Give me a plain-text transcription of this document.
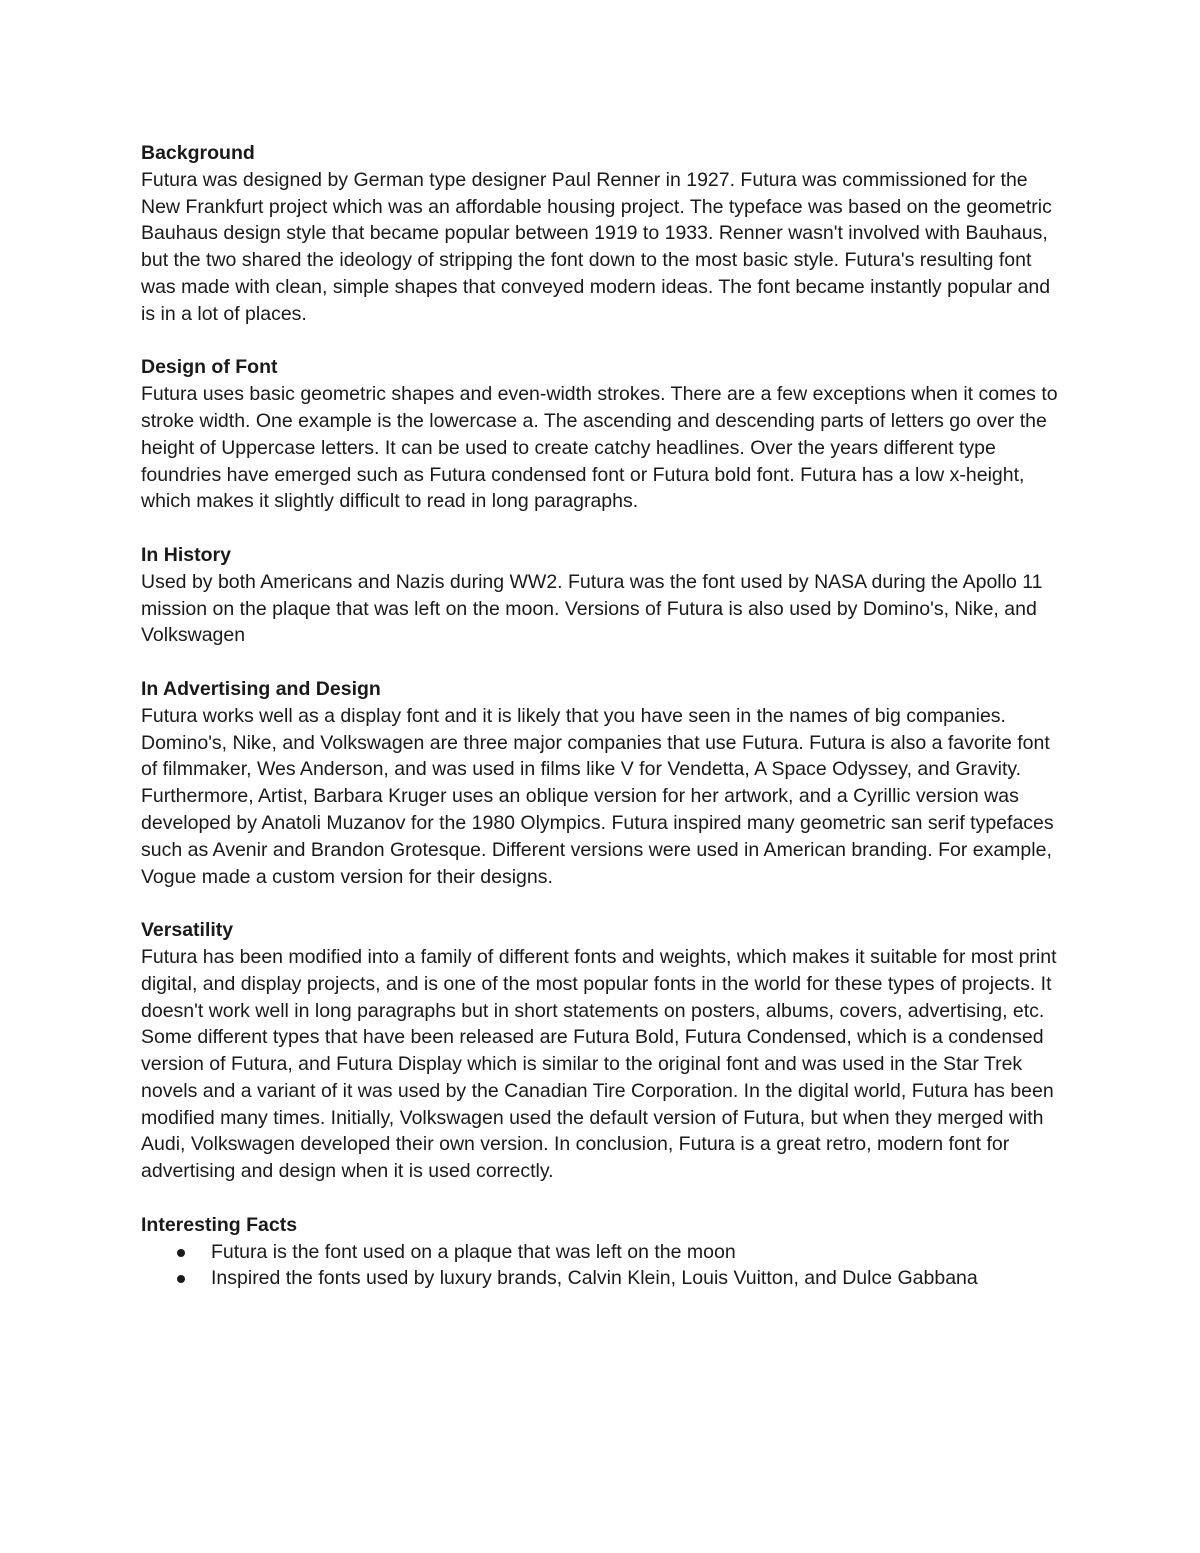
Background

Futura was designed by German type designer Paul Renner in 1927. Futura was commissioned for the New Frankfurt project which was an affordable housing project. The typeface was based on the geometric Bauhaus design style that became popular between 1919 to 1933. Renner wasn't involved with Bauhaus, but the two shared the ideology of stripping the font down to the most basic style. Futura's resulting font was made with clean, simple shapes that conveyed modern ideas. The font became instantly popular and is in a lot of places.

Design of Font

Futura uses basic geometric shapes and even-width strokes. There are a few exceptions when it comes to stroke width. One example is the lowercase a. The ascending and descending parts of letters go over the height of Uppercase letters. It can be used to create catchy headlines. Over the years different type foundries have emerged such as Futura condensed font or Futura bold font. Futura has a low x-height, which makes it slightly difficult to read in long paragraphs.

In History

Used by both Americans and Nazis during WW2. Futura was the font used by NASA during the Apollo 11 mission on the plaque that was left on the moon. Versions of Futura is also used by Domino's, Nike, and Volkswagen

In Advertising and Design

Futura works well as a display font and it is likely that you have seen in the names of big companies. Domino's, Nike, and Volkswagen are three major companies that use Futura. Futura is also a favorite font of filmmaker, Wes Anderson, and was used in films like V for Vendetta, A Space Odyssey, and Gravity. Furthermore, Artist, Barbara Kruger uses an oblique version for her artwork, and a Cyrillic version was developed by Anatoli Muzanov for the 1980 Olympics. Futura inspired many geometric san serif typefaces such as Avenir and Brandon Grotesque. Different versions were used in American branding. For example, Vogue made a custom version for their designs.

Versatility

Futura has been modified into a family of different fonts and weights, which makes it suitable for most print digital, and display projects, and is one of the most popular fonts in the world for these types of projects. It doesn't work well in long paragraphs but in short statements on posters, albums, covers, advertising, etc. Some different types that have been released are Futura Bold, Futura Condensed, which is a condensed version of Futura, and Futura Display which is similar to the original font and was used in the Star Trek novels and a variant of it was used by the Canadian Tire Corporation. In the digital world, Futura has been modified many times. Initially, Volkswagen used the default version of Futura, but when they merged with Audi, Volkswagen developed their own version. In conclusion, Futura is a great retro, modern font for advertising and design when it is used correctly.

Interesting Facts

Futura is the font used on a plaque that was left on the moon
Inspired the fonts used by luxury brands, Calvin Klein, Louis Vuitton, and Dulce Gabbana
